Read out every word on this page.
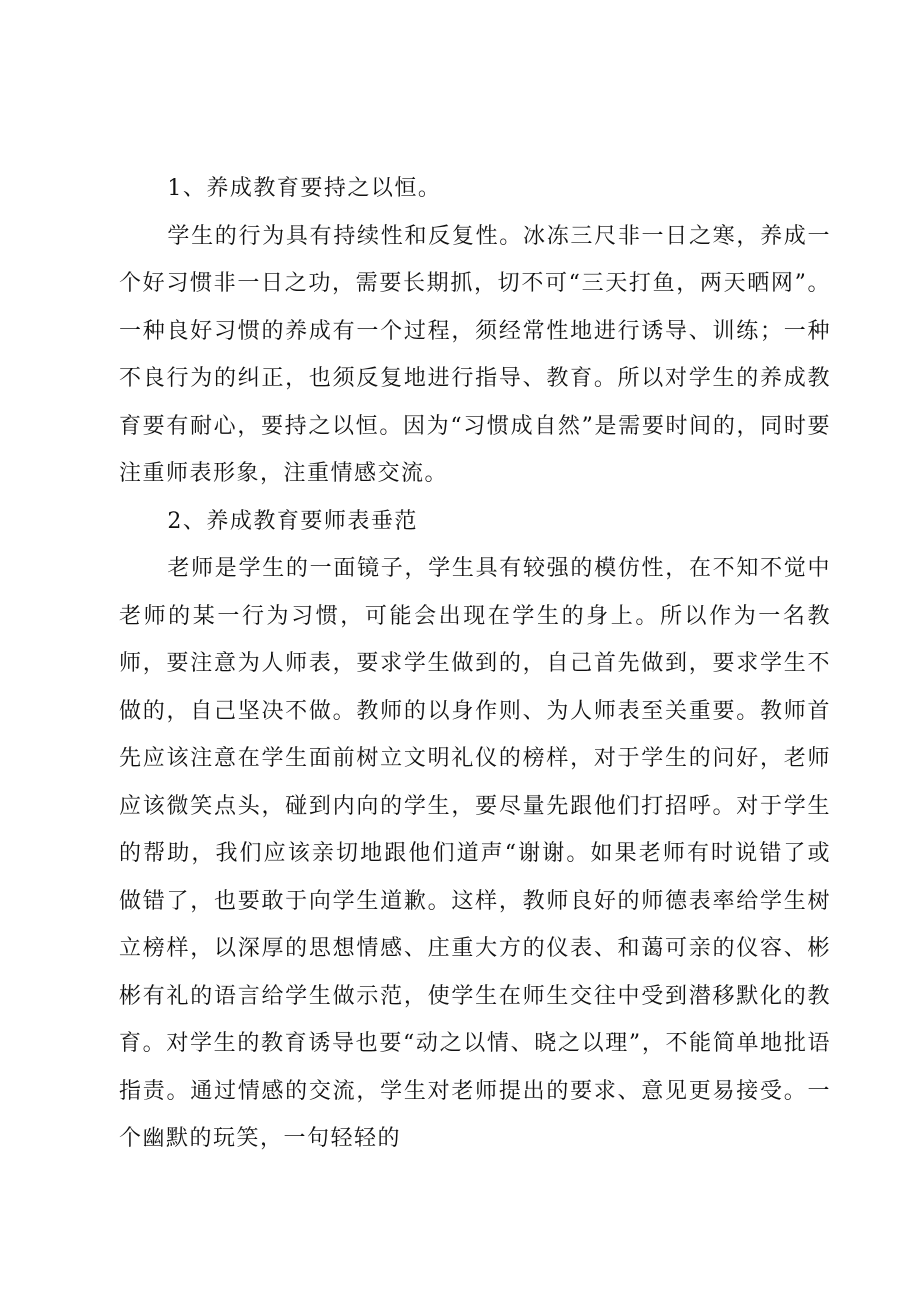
1、养成教育要持之以恒。

学生的行为具有持续性和反复性。冰冻三尺非一日之寒，养成一个好习惯非一日之功，需要长期抓，切不可“三天打鱼，两天晒网”。一种良好习惯的养成有一个过程，须经常性地进行诱导、训练；一种不良行为的纠正，也须反复地进行指导、教育。所以对学生的养成教育要有耐心，要持之以恒。因为“习惯成自然”是需要时间的，同时要注重师表形象，注重情感交流。

2、养成教育要师表垂范

老师是学生的一面镜子，学生具有较强的模仿性，在不知不觉中老师的某一行为习惯，可能会出现在学生的身上。所以作为一名教师，要注意为人师表，要求学生做到的，自己首先做到，要求学生不做的，自己坚决不做。教师的以身作则、为人师表至关重要。教师首先应该注意在学生面前树立文明礼仪的榜样，对于学生的问好，老师应该微笑点头，碰到内向的学生，要尽量先跟他们打招呼。对于学生的帮助，我们应该亲切地跟他们道声“谢谢。如果老师有时说错了或做错了，也要敢于向学生道歉。这样，教师良好的师德表率给学生树立榜样，以深厚的思想情感、庄重大方的仪表、和蔼可亲的仪容、彬彬有礼的语言给学生做示范，使学生在师生交往中受到潜移默化的教育。对学生的教育诱导也要“动之以情、晓之以理”，不能简单地批语指责。通过情感的交流，学生对老师提出的要求、意见更易接受。一个幽默的玩笑，一句轻轻的
